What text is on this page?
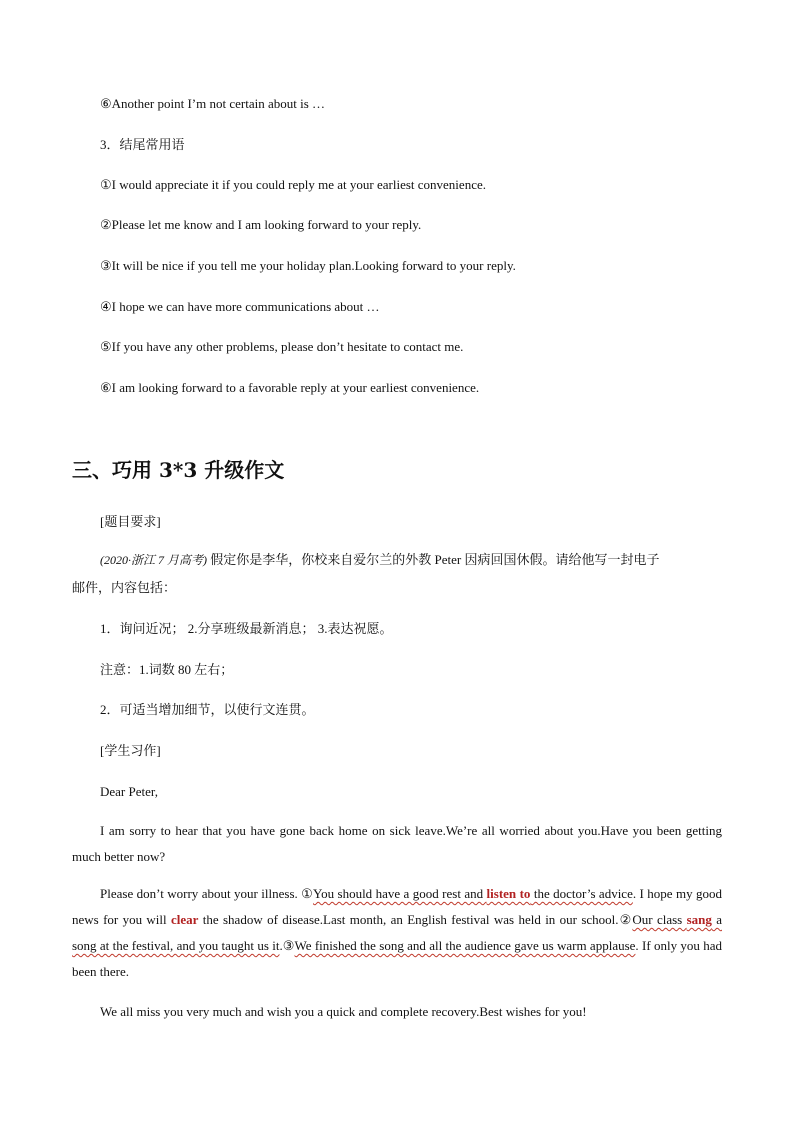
⑥Another point I’m not certain about is …
3．结尾常用语
①I would appreciate it if you could reply me at your earliest convenience.
②Please let me know and I am looking forward to your reply.
③It will be nice if you tell me your holiday plan.Looking forward to your reply.
④I hope we can have more communications about …
⑤If you have any other problems, please don’t hesitate to contact me.
⑥I am looking forward to a favorable reply at your earliest convenience.
三、巧用 3*3 升级作文
[题目要求]
(2020·浙江 7 月高考) 假定你是李华，你校来自爱尔兰的外教 Peter 因病回国休假。请给他写一封电子
邮件，内容包括：
1．询问近况； 2.分享班级最新消息； 3.表达祝愿。
注意：1.词数 80 左右；
2．可适当增加细节，以使行文连贯。
[学生习作]
Dear Peter,
I am sorry to hear that you have gone back home on sick leave.We’re all worried about you.Have you been getting much better now?
Please don’t worry about your illness. ①You should have a good rest and listen to the doctor’s advice. I hope my good news for you will clear the shadow of disease.Last month, an English festival was held in our school.②Our class sang a song at the festival, and you taught us it.③We finished the song and all the audience gave us warm applause. If only you had been there.
We all miss you very much and wish you a quick and complete recovery.Best wishes for you!
